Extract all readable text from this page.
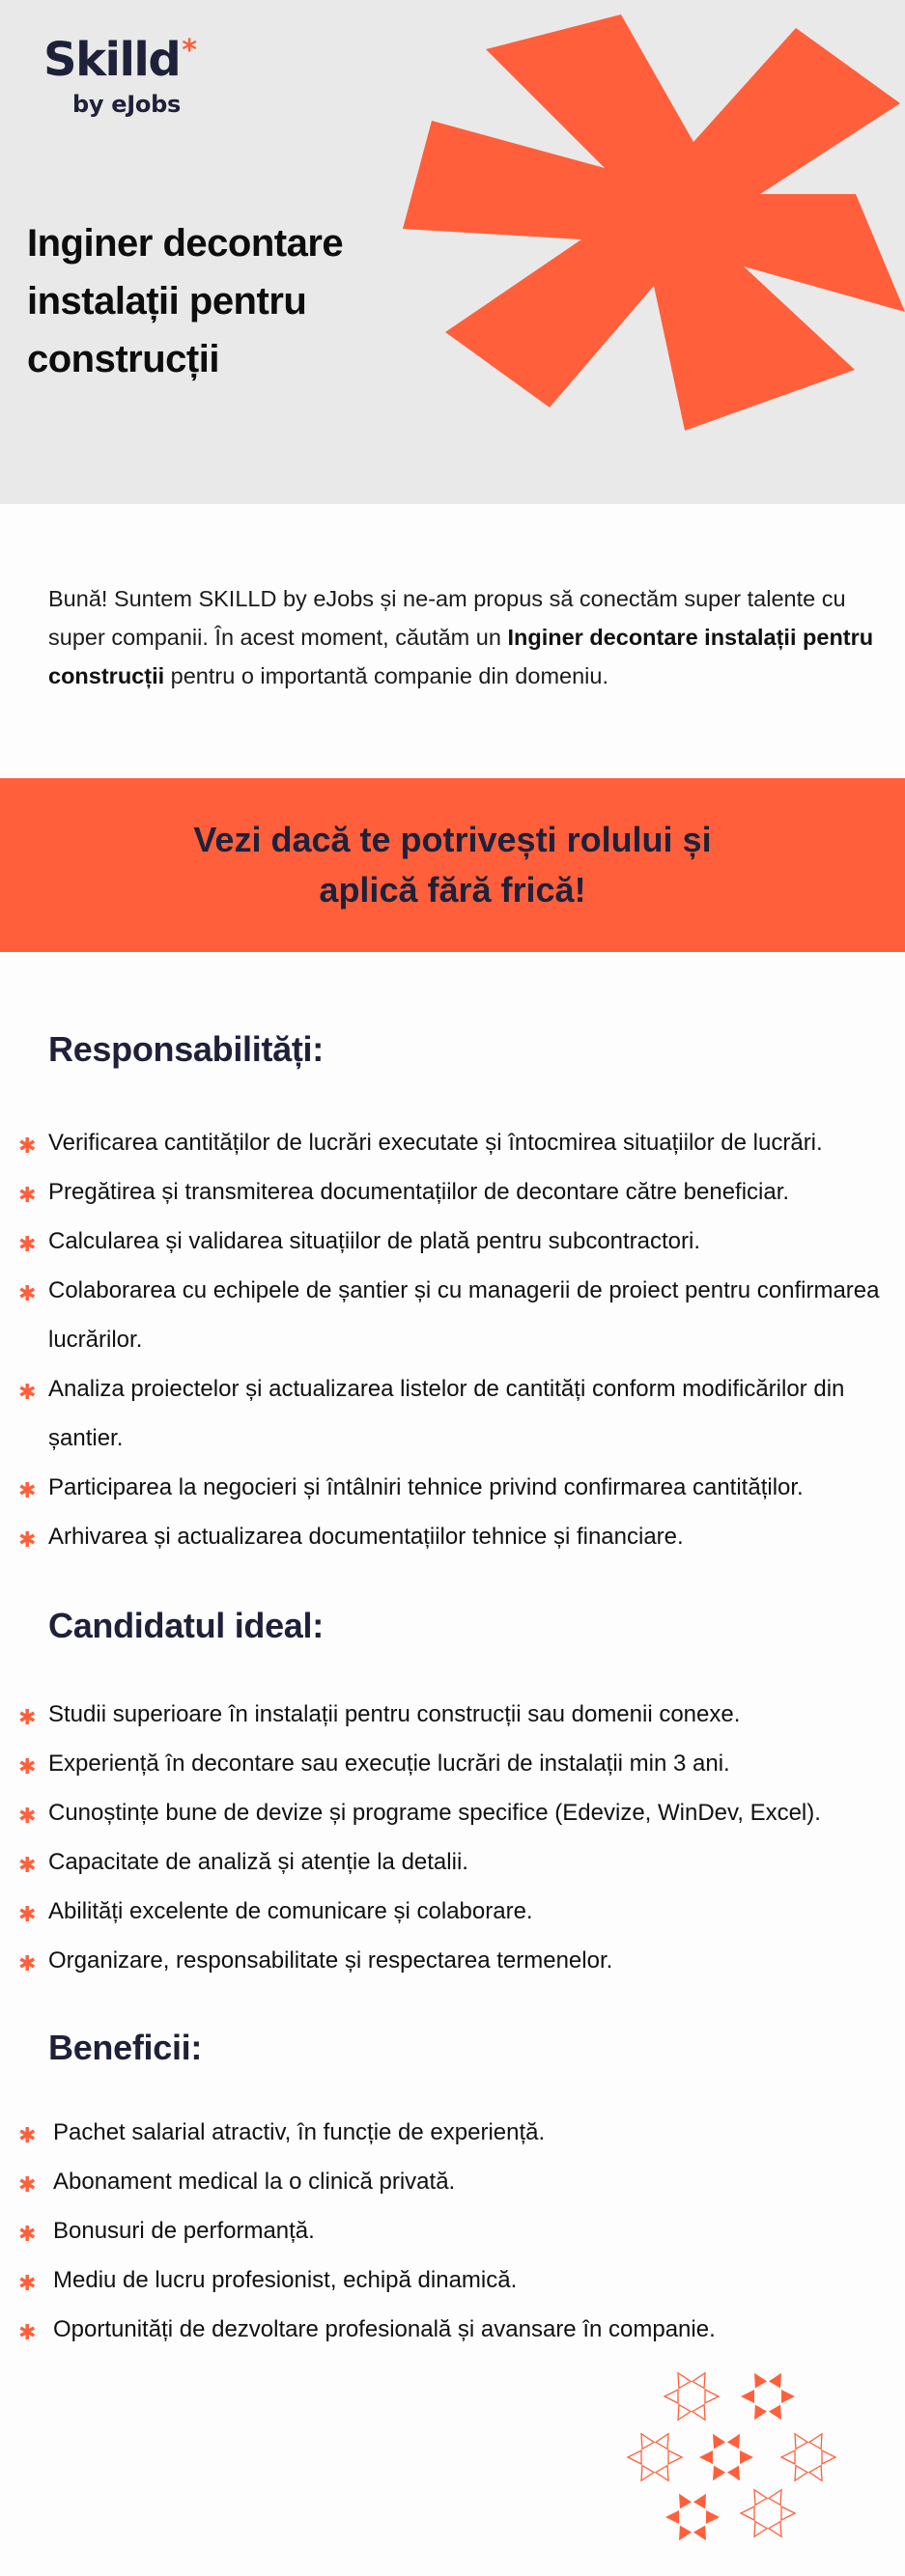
Skilld *
by eJobs
Inginer decontare instalații pentru construcții

Bună! Suntem SKILLD by eJobs și ne-am propus să conectăm super talente cu super companii. În acest moment, căutăm un Inginer decontare instalații pentru construcții pentru o importantă companie din domeniu.

Vezi dacă te potrivești rolului și aplică fără frică!
Responsabilități:
✱ Verificarea cantităților de lucrări executate și întocmirea situațiilor de lucrări.
✱ Pregătirea și transmiterea documentațiilor de decontare către beneficiar.
✱ Calcularea și validarea situațiilor de plată pentru subcontractori.
✱ Colaborarea cu echipele de șantier și cu managerii de proiect pentru confirmarea lucrărilor.
✱ Analiza proiectelor și actualizarea listelor de cantități conform modificărilor din șantier.
✱ Participarea la negocieri și întâlniri tehnice privind confirmarea cantităților.
✱ Arhivarea și actualizarea documentațiilor tehnice și financiare.
Candidatul ideal:
✱ Studii superioare în instalații pentru construcții sau domenii conexe.
✱ Experiență în decontare sau execuție lucrări de instalații min 3 ani.
✱ Cunoștințe bune de devize și programe specifice (Edevize, WinDev, Excel).
✱ Capacitate de analiză și atenție la detalii.
✱ Abilități excelente de comunicare și colaborare.
✱ Organizare, responsabilitate și respectarea termenelor.
Beneficii:
✱ Pachet salarial atractiv, în funcție de experiență.
✱ Abonament medical la o clinică privată.
✱ Bonusuri de performanță.
✱ Mediu de lucru profesionist, echipă dinamică.
✱ Oportunități de dezvoltare profesională și avansare în companie.
